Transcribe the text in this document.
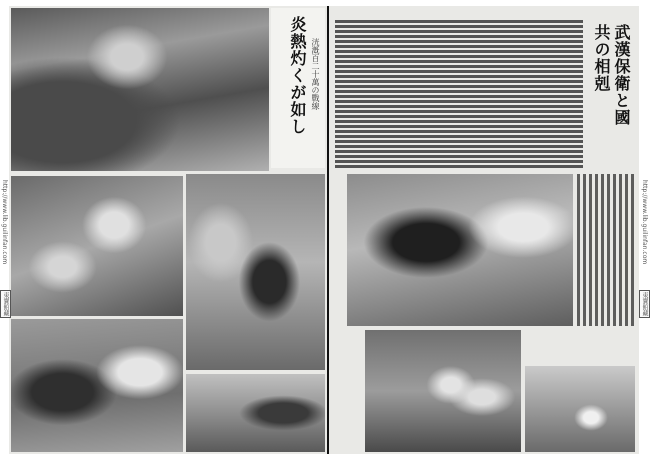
炎熱灼くが如し 洸漑百二十萬の戰線	武漢保衛と國
共の相剋
http://www.lib.guilinfan.com
東寶館藏
http://www.lib.guilinfan.com
東寶館藏
